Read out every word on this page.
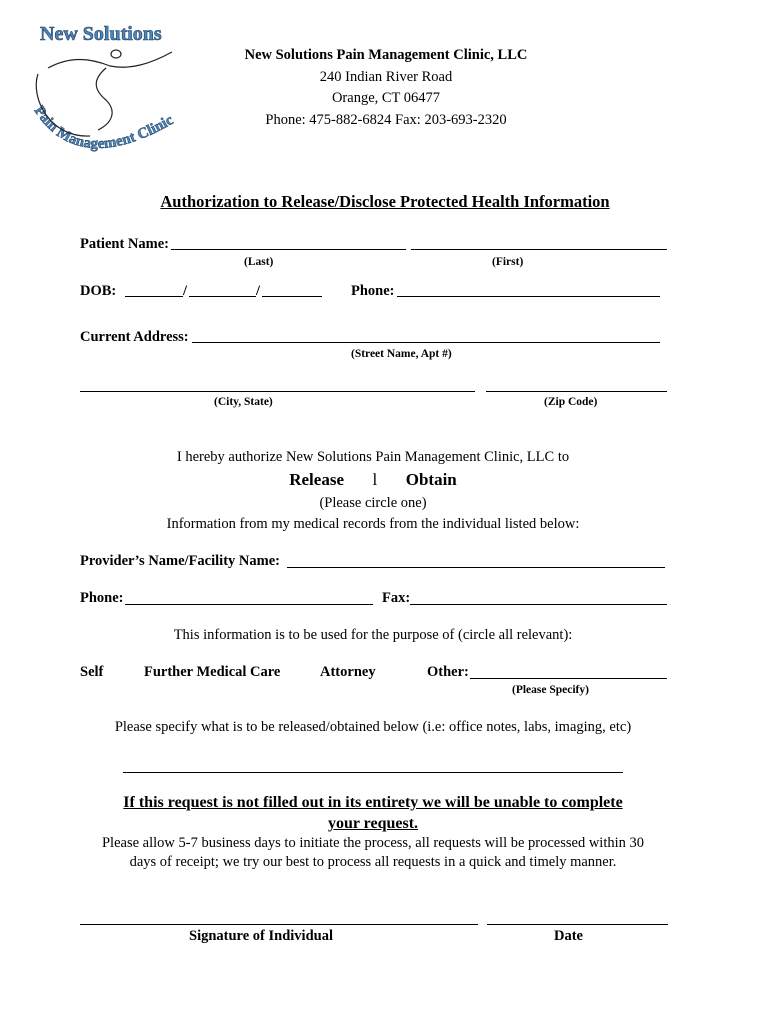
New Solutions
Pain Management Clinic
New Solutions Pain Management Clinic, LLC
240 Indian River Road
Orange, CT 06477
Phone: 475-882-6824 Fax: 203-693-2320
Authorization to Release/Disclose Protected Health Information
Patient Name:
(Last)	(First)
DOB:	/	/	Phone:
Current Address:
(Street Name, Apt #)
(City, State)	(Zip Code)
I hereby authorize New Solutions Pain Management Clinic, LLC to
Release l Obtain
(Please circle one)
Information from my medical records from the individual listed below:
Provider’s Name/Facility Name:
Phone:	Fax:
This information is to be used for the purpose of (circle all relevant):
Self	Further Medical Care	Attorney	Other:
(Please Specify)
Please specify what is to be released/obtained below (i.e: office notes, labs, imaging, etc)
If this request is not filled out in its entirety we will be unable to complete
your request.
Please allow 5-7 business days to initiate the process, all requests will be processed within 30
days of receipt; we try our best to process all requests in a quick and timely manner.
Signature of Individual	Date
